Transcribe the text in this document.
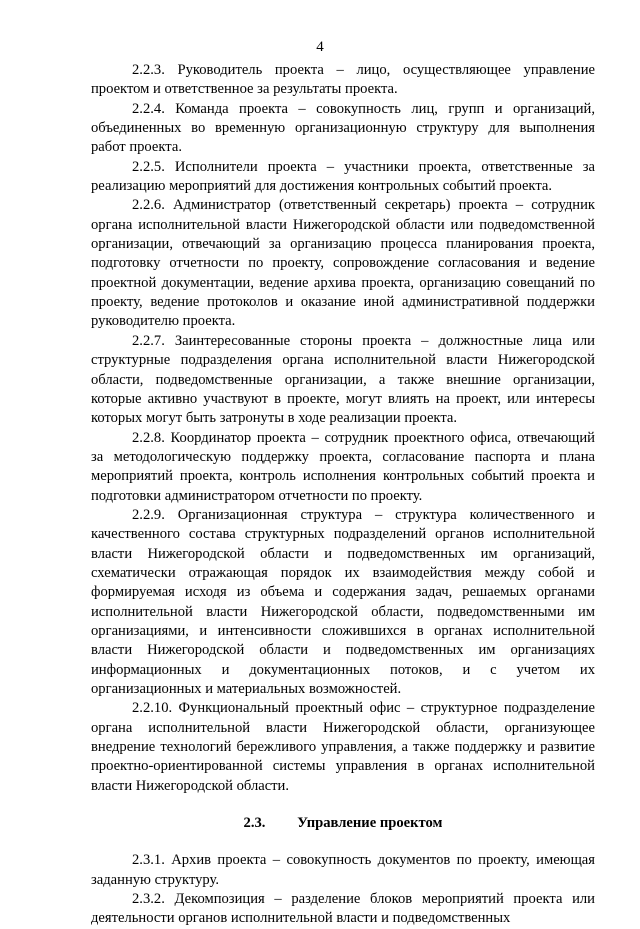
4

2.2.3. Руководитель проекта – лицо, осуществляющее управление проектом и ответственное за результаты проекта.

2.2.4. Команда проекта – совокупность лиц, групп и организаций, объединенных во временную организационную структуру для выполнения работ проекта.

2.2.5. Исполнители проекта – участники проекта, ответственные за реализацию мероприятий для достижения контрольных событий проекта.

2.2.6. Администратор (ответственный секретарь) проекта – сотрудник органа исполнительной власти Нижегородской области или подведомственной организации, отвечающий за организацию процесса планирования проекта, подготовку отчетности по проекту, сопровождение согласования и ведение проектной документации, ведение архива проекта, организацию совещаний по проекту, ведение протоколов и оказание иной административной поддержки руководителю проекта.

2.2.7. Заинтересованные стороны проекта – должностные лица или структурные подразделения органа исполнительной власти Нижегородской области, подведомственные организации, а также внешние организации, которые активно участвуют в проекте, могут влиять на проект, или интересы которых могут быть затронуты в ходе реализации проекта.

2.2.8. Координатор проекта – сотрудник проектного офиса, отвечающий за методологическую поддержку проекта, согласование паспорта и плана мероприятий проекта, контроль исполнения контрольных событий проекта и подготовки администратором отчетности по проекту.

2.2.9. Организационная структура – структура количественного и качественного состава структурных подразделений органов исполнительной власти Нижегородской области и подведомственных им организаций, схематически отражающая порядок их взаимодействия между собой и формируемая исходя из объема и содержания задач, решаемых органами исполнительной власти Нижегородской области, подведомственными им организациями, и интенсивности сложившихся в органах исполнительной власти Нижегородской области и подведомственных им организациях информационных и документационных потоков, и с учетом их организационных и материальных возможностей.

2.2.10. Функциональный проектный офис – структурное подразделение органа исполнительной власти Нижегородской области, организующее внедрение технологий бережливого управления, а также поддержку и развитие проектно-ориентированной системы управления в органах исполнительной власти Нижегородской области.

2.3. Управление проектом

2.3.1. Архив проекта – совокупность документов по проекту, имеющая заданную структуру.

2.3.2. Декомпозиция – разделение блоков мероприятий проекта или деятельности органов исполнительной власти и подведомственных
